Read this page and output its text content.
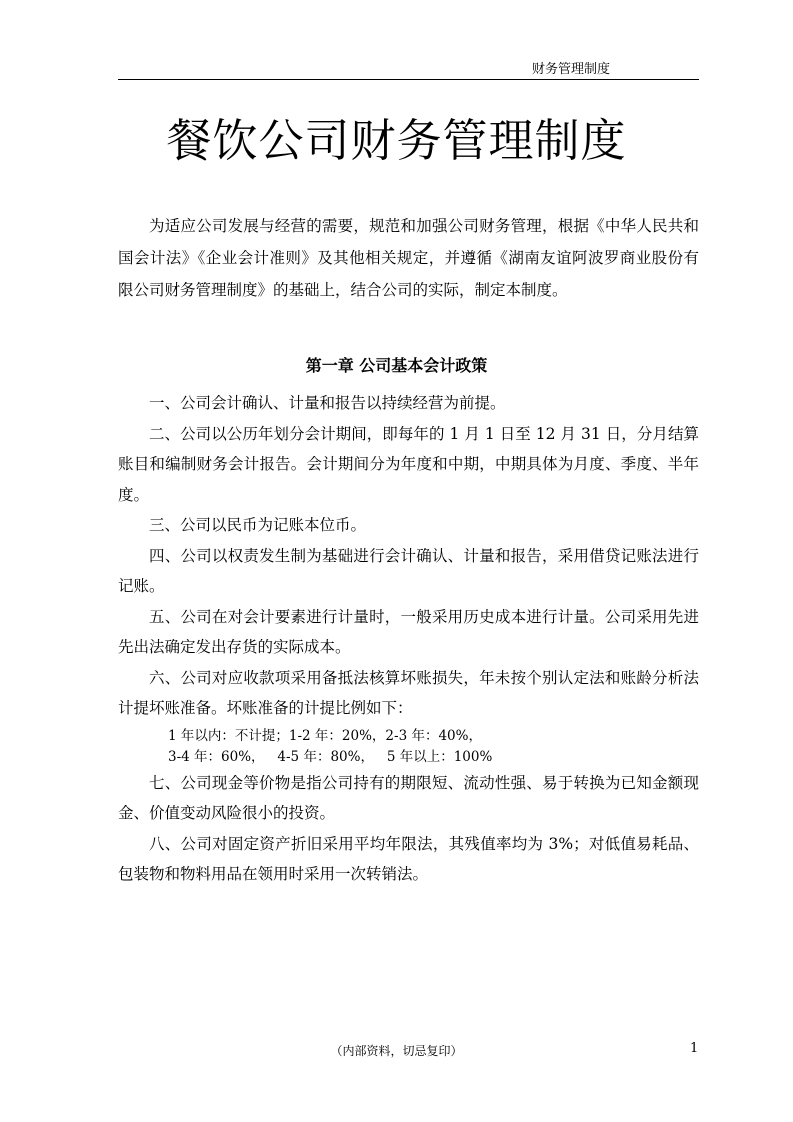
财务管理制度
餐饮公司财务管理制度

为适应公司发展与经营的需要，规范和加强公司财务管理，根据《中华人民共和国会计法》《企业会计准则》及其他相关规定，并遵循《湖南友谊阿波罗商业股份有限公司财务管理制度》的基础上，结合公司的实际，制定本制度。

第一章 公司基本会计政策

一、公司会计确认、计量和报告以持续经营为前提。

二、公司以公历年划分会计期间，即每年的 1 月 1 日至 12 月 31 日，分月结算账目和编制财务会计报告。会计期间分为年度和中期，中期具体为月度、季度、半年度。

三、公司以民币为记账本位币。

四、公司以权责发生制为基础进行会计确认、计量和报告，采用借贷记账法进行记账。

五、公司在对会计要素进行计量时，一般采用历史成本进行计量。公司采用先进先出法确定发出存货的实际成本。

六、公司对应收款项采用备抵法核算坏账损失，年未按个别认定法和账龄分析法计提坏账准备。坏账准备的计提比例如下：

1 年以内：不计提；1-2 年：20%，2-3 年：40%，

3-4 年：60%，   4-5 年：80%，   5 年以上：100%

七、公司现金等价物是指公司持有的期限短、流动性强、易于转换为已知金额现金、价值变动风险很小的投资。

八、公司对固定资产折旧采用平均年限法，其残值率均为 3%；对低值易耗品、包装物和物料用品在领用时采用一次转销法。

（内部资料，切忌复印）	1
